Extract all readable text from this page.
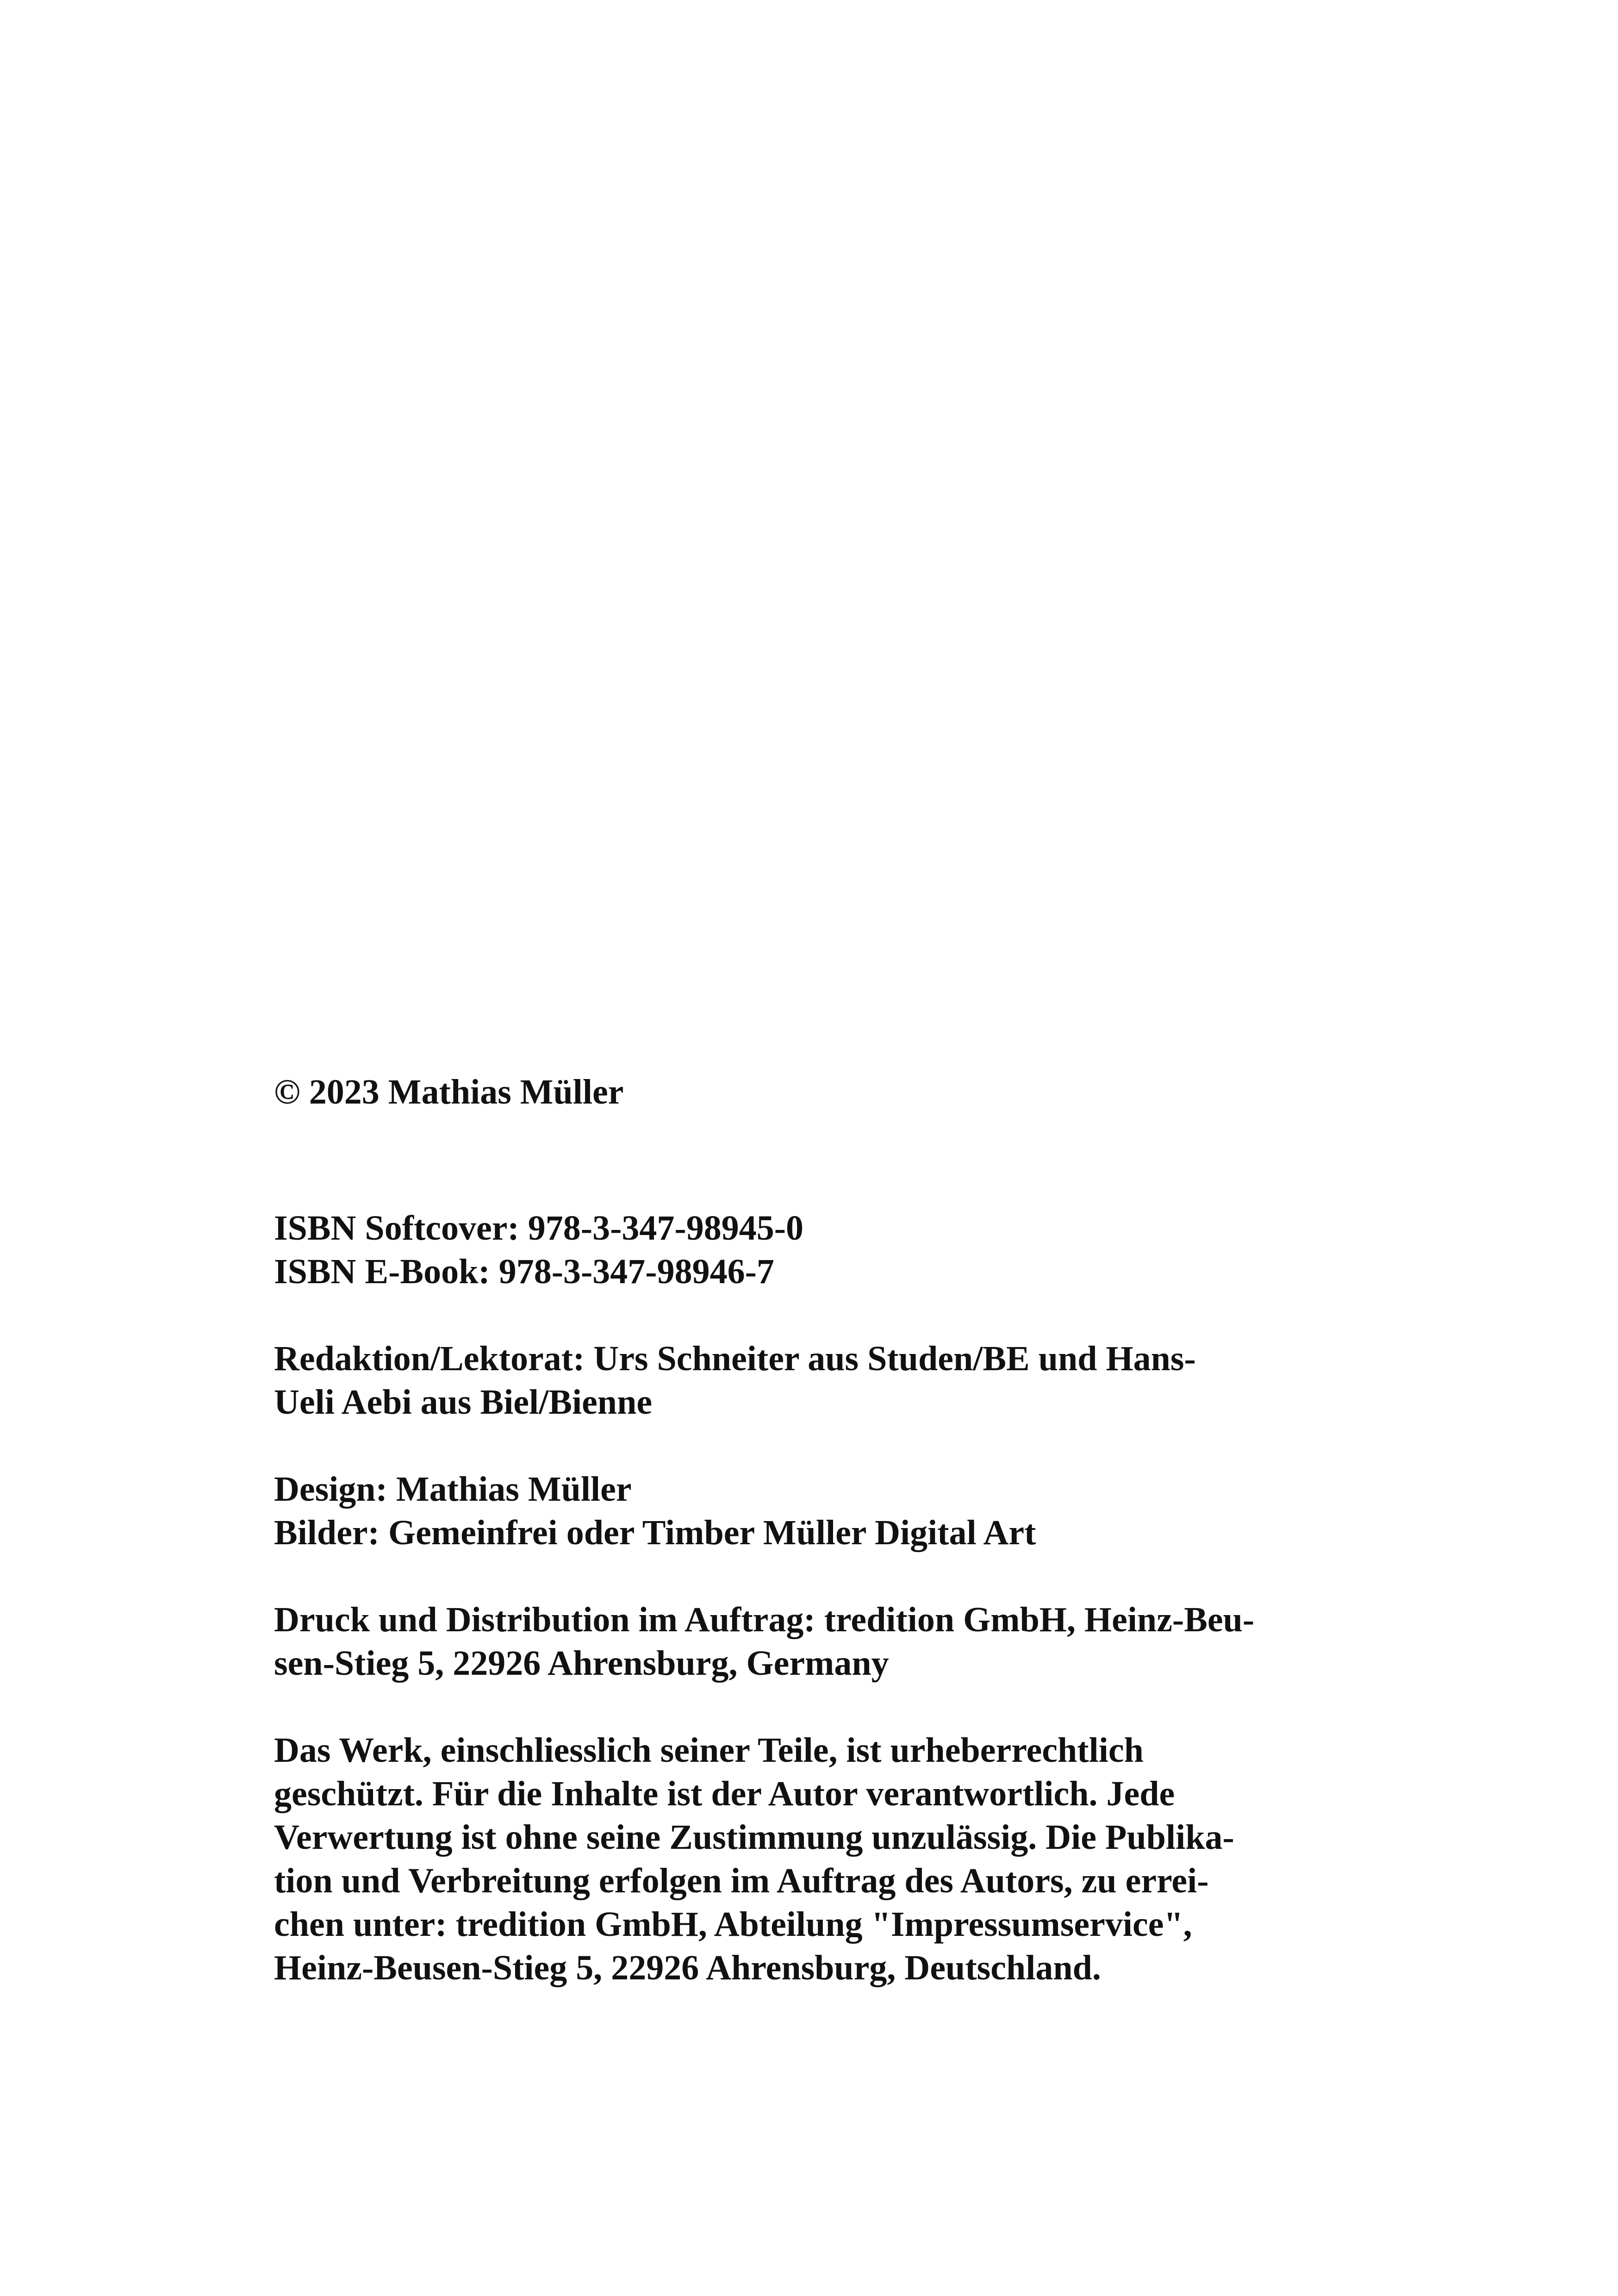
© 2023 Mathias Müller
ISBN Softcover: 978-3-347-98945-0
ISBN E-Book: 978-3-347-98946-7
Redaktion/Lektorat: Urs Schneiter aus Studen/BE und Hans-
Ueli Aebi aus Biel/Bienne
Design: Mathias Müller
Bilder: Gemeinfrei oder Timber Müller Digital Art
Druck und Distribution im Auftrag: tredition GmbH, Heinz-Beu-
sen-Stieg 5, 22926 Ahrensburg, Germany
Das Werk, einschliesslich seiner Teile, ist urheberrechtlich
geschützt. Für die Inhalte ist der Autor verantwortlich. Jede
Verwertung ist ohne seine Zustimmung unzulässig. Die Publika-
tion und Verbreitung erfolgen im Auftrag des Autors, zu errei-
chen unter: tredition GmbH, Abteilung "Impressumservice",
Heinz-Beusen-Stieg 5, 22926 Ahrensburg, Deutschland.
